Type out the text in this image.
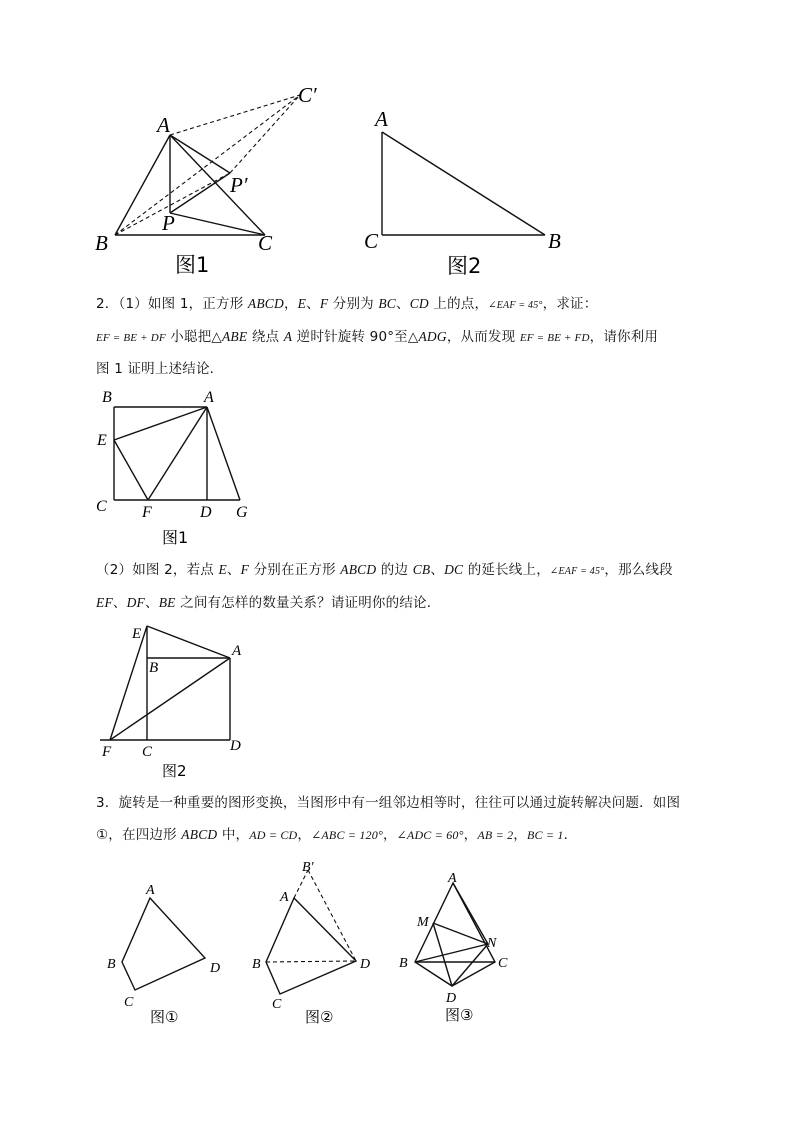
A
B	C
P
P′
C′
图1
A
C	B
图2

2．（1）如图 1，正方形 ABCD，E、F 分别为 BC、CD 上的点，∠EAF = 45°，求证：

EF = BE + DF 小聪把△ABE 绕点 A 逆时针旋转 90°至△ADG，从而发现 EF = BE + FD，请你利用

图 1 证明上述结论．

B	A
E
C F	D G
图1

（2）如图 2，若点 E、F 分别在正方形 ABCD 的边 CB、DC 的延长线上，∠EAF = 45°，那么线段

EF、DF、BE 之间有怎样的数量关系？请证明你的结论．

E
B
A
F C	D
图2

3．旋转是一种重要的图形变换，当图形中有一组邻边相等时，往往可以通过旋转解决问题．如图

①，在四边形 ABCD 中，AD = CD，∠ABC = 120°，∠ADC = 60°，AB = 2，BC = 1．

A
B
C
D
图①
B′
A
B
C
D
图②
A
M
N
B	C
D
图③
